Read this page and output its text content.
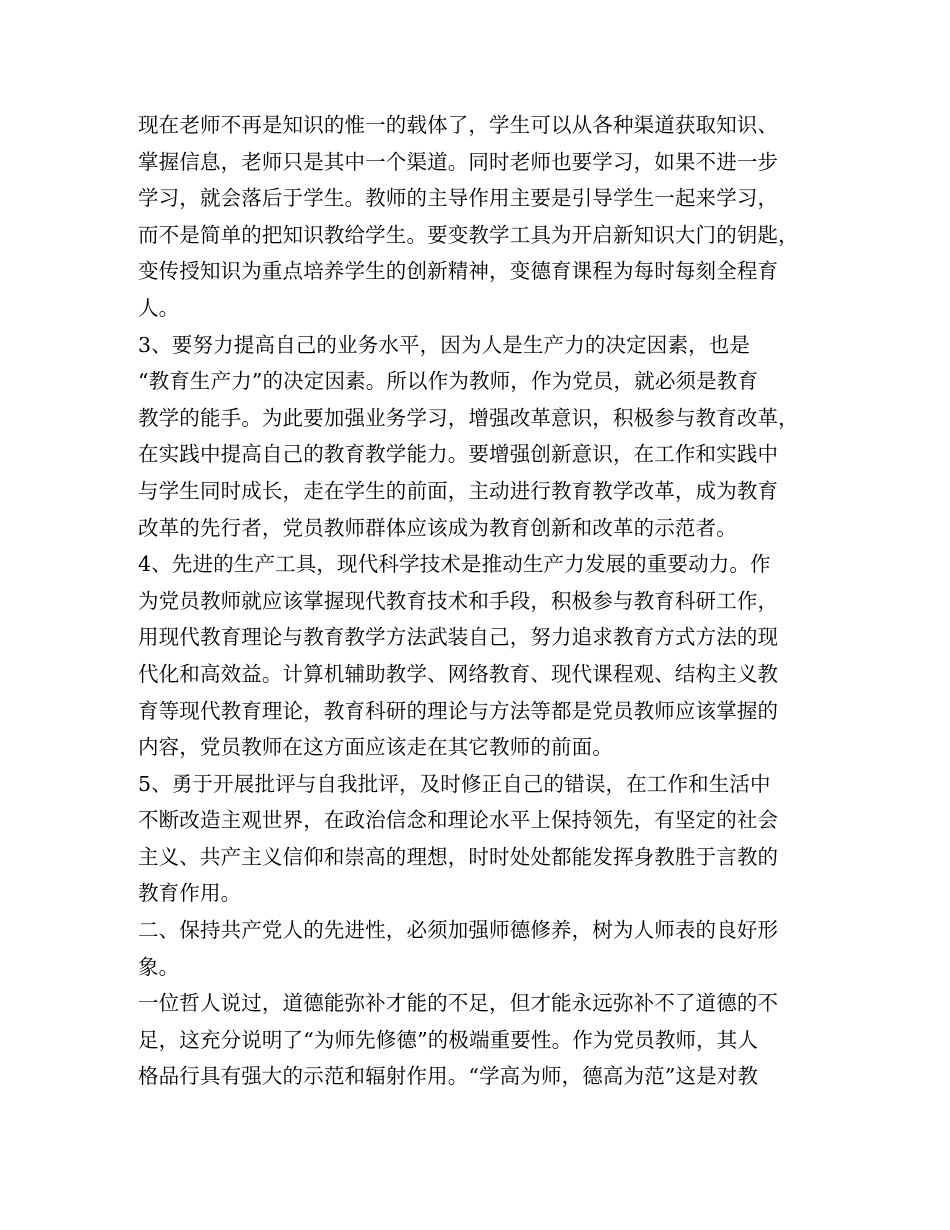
现在老师不再是知识的惟一的载体了，学生可以从各种渠道获取知识、
掌握信息，老师只是其中一个渠道。同时老师也要学习，如果不进一步
学习，就会落后于学生。教师的主导作用主要是引导学生一起来学习，
而不是简单的把知识教给学生。要变教学工具为开启新知识大门的钥匙，
变传授知识为重点培养学生的创新精神，变德育课程为每时每刻全程育
人。
3、要努力提高自己的业务水平，因为人是生产力的决定因素，也是
“教育生产力”的决定因素。所以作为教师，作为党员，就必须是教育
教学的能手。为此要加强业务学习，增强改革意识，积极参与教育改革，
在实践中提高自己的教育教学能力。要增强创新意识，在工作和实践中
与学生同时成长，走在学生的前面，主动进行教育教学改革，成为教育
改革的先行者，党员教师群体应该成为教育创新和改革的示范者。
4、先进的生产工具，现代科学技术是推动生产力发展的重要动力。作
为党员教师就应该掌握现代教育技术和手段，积极参与教育科研工作，
用现代教育理论与教育教学方法武装自己，努力追求教育方式方法的现
代化和高效益。计算机辅助教学、网络教育、现代课程观、结构主义教
育等现代教育理论，教育科研的理论与方法等都是党员教师应该掌握的
内容，党员教师在这方面应该走在其它教师的前面。
5、勇于开展批评与自我批评，及时修正自己的错误，在工作和生活中
不断改造主观世界，在政治信念和理论水平上保持领先，有坚定的社会
主义、共产主义信仰和崇高的理想，时时处处都能发挥身教胜于言教的
教育作用。
二、保持共产党人的先进性，必须加强师德修养，树为人师表的良好形
象。
一位哲人说过，道德能弥补才能的不足，但才能永远弥补不了道德的不
足，这充分说明了“为师先修德”的极端重要性。作为党员教师，其人
格品行具有强大的示范和辐射作用。“学高为师，德高为范”这是对教
